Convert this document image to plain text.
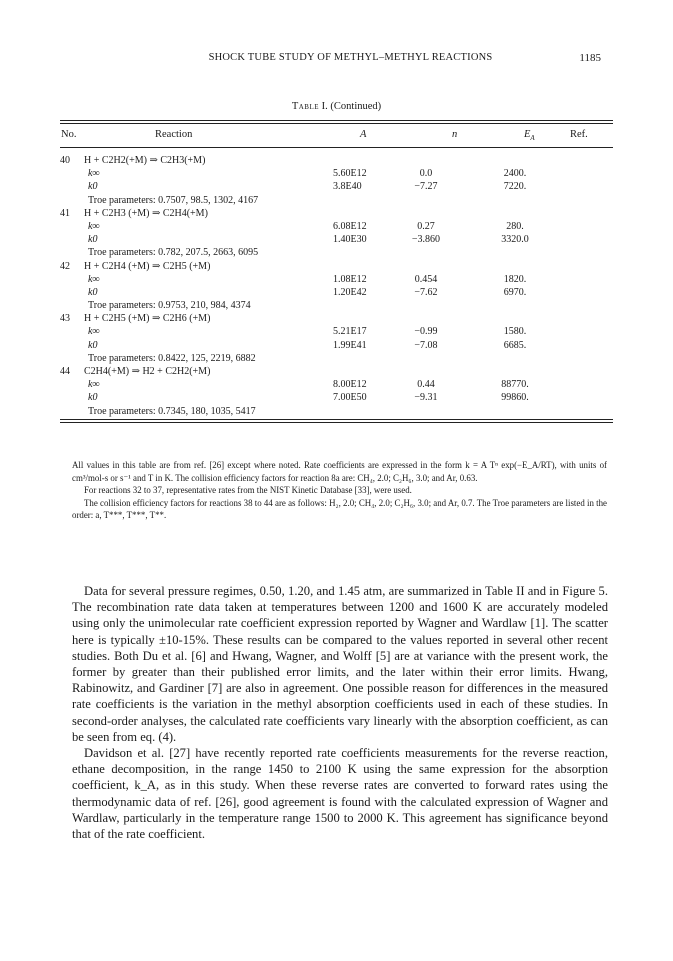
SHOCK TUBE STUDY OF METHYL–METHYL REACTIONS	1185
Table I. (Continued)
No.	Reaction	A	n	$E_A$	Ref.
40 H + C2H2(+M) ⇒ C2H3(+M)
k∞	5.60E12	0.0	2400.
k0	3.8E40	−7.27	7220.
Troe parameters: 0.7507, 98.5, 1302, 4167
41 H + C2H3 (+M) ⇒ C2H4(+M)
k∞	6.08E12	0.27	280.
k0	1.40E30	−3.860	3320.0
Troe parameters: 0.782, 207.5, 2663, 6095
42 H + C2H4 (+M) ⇒ C2H5 (+M)
k∞	1.08E12	0.454	1820.
k0	1.20E42	−7.62	6970.
Troe parameters: 0.9753, 210, 984, 4374
43 H + C2H5 (+M) ⇒ C2H6 (+M)
k∞	5.21E17	−0.99	1580.
k0	1.99E41	−7.08	6685.
Troe parameters: 0.8422, 125, 2219, 6882
44 C2H4(+M) ⇒ H2 + C2H2(+M)
k∞	8.00E12	0.44	88770.
k0	7.00E50	−9.31	99860.
Troe parameters: 0.7345, 180, 1035, 5417

All values in this table are from ref. [26] except where noted. Rate coefficients are expressed in the form k = A Tⁿ exp(−E_A/RT), with units of cm³/mol-s or s⁻¹ and T in K. The collision efficiency factors for reaction 8a are: CH₄, 2.0; C₂H₆, 3.0; and Ar, 0.63.

For reactions 32 to 37, representative rates from the NIST Kinetic Database [33], were used.

The collision efficiency factors for reactions 38 to 44 are as follows: H₂, 2.0; CH₄, 2.0; C₂H₆, 3.0; and Ar, 0.7. The Troe parameters are listed in the order: a, T***, T***, T**.

Data for several pressure regimes, 0.50, 1.20, and 1.45 atm, are summarized in Table II and in Figure 5. The recombination rate data taken at temperatures between 1200 and 1600 K are accurately modeled using only the unimolecular rate coefficient expression reported by Wagner and Wardlaw [1]. The scatter here is typically ±10-15%. These results can be compared to the values reported in several other recent studies. Both Du et al. [6] and Hwang, Wagner, and Wolff [5] are at variance with the present work, the former by greater than their published error limits, and the later within their error limits. Hwang, Rabinowitz, and Gardiner [7] are also in agreement. One possible reason for differences in the measured rate coefficients is the variation in the methyl absorption coefficients used in each of these studies. In second-order analyses, the calculated rate coefficients vary linearly with the absorption coefficient, as can be seen from eq. (4).

Davidson et al. [27] have recently reported rate coefficients measurements for the reverse reaction, ethane decomposition, in the range 1450 to 2100 K using the same expression for the absorption coefficient, k_A, as in this study. When these reverse rates are converted to forward rates using the thermodynamic data of ref. [26], good agreement is found with the calculated expression of Wagner and Wardlaw, particularly in the temperature range 1500 to 2000 K. This agreement has significance beyond that of the rate coefficient.
